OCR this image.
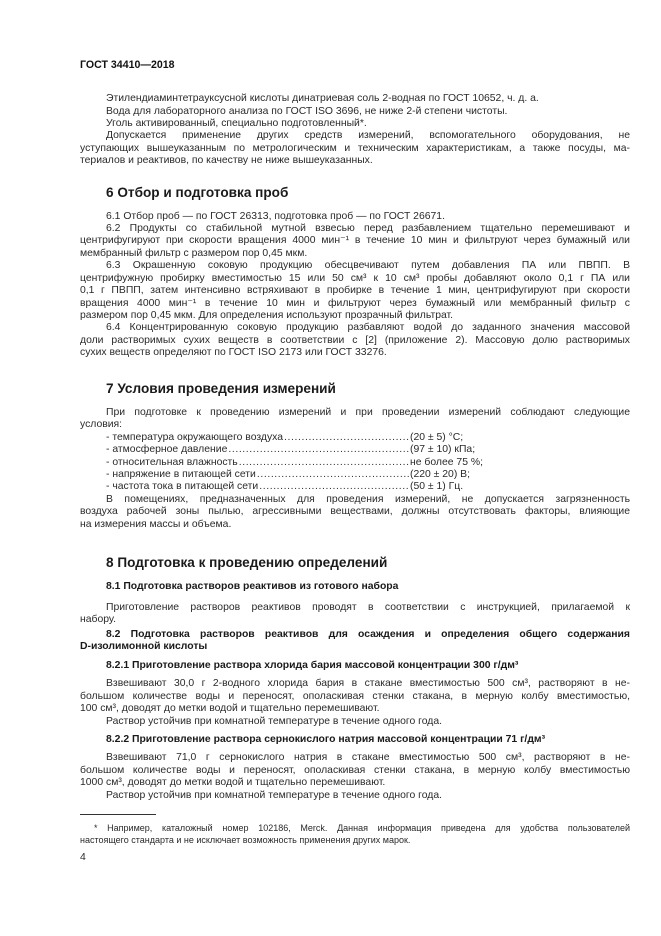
ГОСТ 34410—2018
Этилендиаминтетрауксусной кислоты динатриевая соль 2-водная по ГОСТ 10652, ч. д. а.
Вода для лабораторного анализа по ГОСТ ISO 3696, не ниже 2-й степени чистоты.
Уголь активированный, специально подготовленный*.
Допускается применение других средств измерений, вспомогательного оборудования, не
уступающих вышеуказанным по метрологическим и техническим характеристикам, а также посуды, ма-
териалов и реактивов, по качеству не ниже вышеуказанных.
6 Отбор и подготовка проб
6.1 Отбор проб — по ГОСТ 26313, подготовка проб — по ГОСТ 26671.
6.2 Продукты со стабильной мутной взвесью перед разбавлением тщательно перемешивают и
центрифугируют при скорости вращения 4000 мин⁻¹ в течение 10 мин и фильтруют через бумажный или
мембранный фильтр с размером пор 0,45 мкм.
6.3 Окрашенную соковую продукцию обесцвечивают путем добавления ПА или ПВПП. В
центрифужную пробирку вместимостью 15 или 50 см³ к 10 см³ пробы добавляют около 0,1 г ПА или
0,1 г ПВПП, затем интенсивно встряхивают в пробирке в течение 1 мин, центрифугируют при скорости
вращения 4000 мин⁻¹ в течение 10 мин и фильтруют через бумажный или мембранный фильтр с
размером пор 0,45 мкм. Для определения используют прозрачный фильтрат.
6.4 Концентрированную соковую продукцию разбавляют водой до заданного значения массовой
доли растворимых сухих веществ в соответствии с [2] (приложение 2). Массовую долю растворимых
сухих веществ определяют по ГОСТ ISO 2173 или ГОСТ 33276.
7 Условия проведения измерений
При подготовке к проведению измерений и при проведении измерений соблюдают следующие
условия:
В помещениях, предназначенных для проведения измерений, не допускается загрязненность
воздуха рабочей зоны пылью, агрессивными веществами, должны отсутствовать факторы, влияющие
на измерения массы и объема.
8 Подготовка к проведению определений
8.1 Подготовка растворов реактивов из готового набора
Приготовление растворов реактивов проводят в соответствии с инструкцией, прилагаемой к
набору.
8.2 Подготовка растворов реактивов для осаждения и определения общего содержания
D-изолимонной кислоты
8.2.1 Приготовление раствора хлорида бария массовой концентрации 300 г/дм³
Взвешивают 30,0 г 2-водного хлорида бария в стакане вместимостью 500 см³, растворяют в не-
большом количестве воды и переносят, ополаскивая стенки стакана, в мерную колбу вместимостью,
100 см³, доводят до метки водой и тщательно перемешивают.
Раствор устойчив при комнатной температуре в течение одного года.
8.2.2 Приготовление раствора сернокислого натрия массовой концентрации 71 г/дм³
Взвешивают 71,0 г сернокислого натрия в стакане вместимостью 500 см³, растворяют в не-
большом количестве воды и переносят, ополаскивая стенки стакана, в мерную колбу вместимостью
1000 см³, доводят до метки водой и тщательно перемешивают.
Раствор устойчив при комнатной температуре в течение одного года.
* Например, каталожный номер 102186, Merck. Данная информация приведена для удобства пользователей
настоящего стандарта и не исключает возможность применения других марок.
4
- температура окружающего воздуха .....	(20 ± 5) °С;
- атмосферное давление .....	(97 ± 10) кПа;
- относительная влажность .....	не более 75 %;
- напряжение в питающей сети .....	(220 ± 20) В;
- частота тока в питающей сети .....	(50 ± 1) Гц.
